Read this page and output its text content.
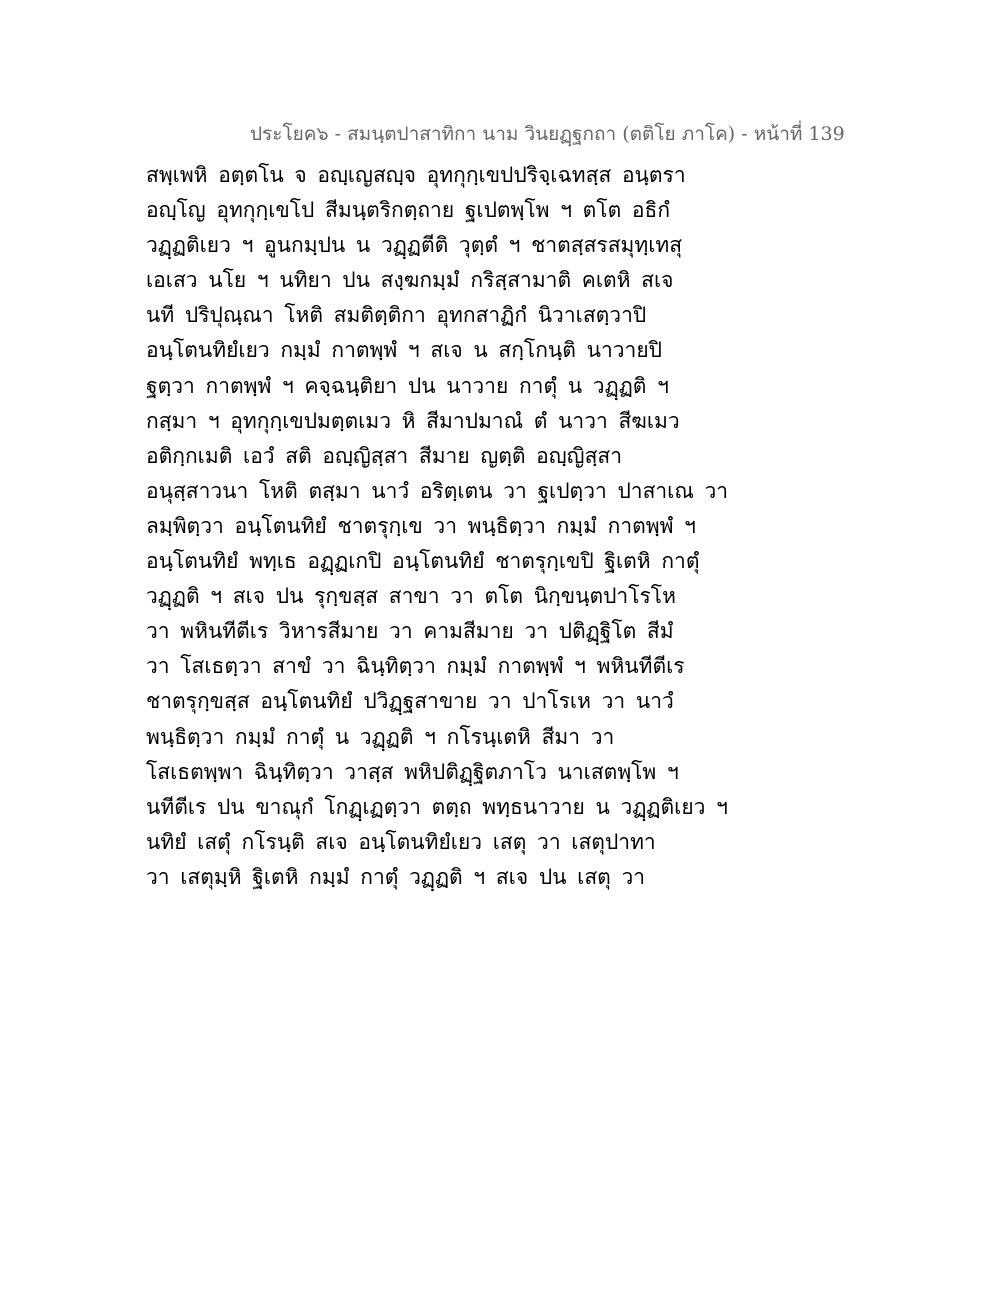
ประโยค๖ - สมนฺตปาสาทิกา นาม วินยฏฺฐกถา (ตติโย ภาโค) - หน้าที่ 139
สพฺเพหิ อตฺตโน จ อญฺเญสญฺจ อุทกุกฺเขปปริจฺเฉทสฺส อนฺตรา
อญฺโญ อุทกุกฺเขโป สีมนฺตริกตฺถาย ฐเปตพฺโพ ฯ ตโต อธิกํ
วฏฺฏติเยว ฯ อูนกมฺปน น วฏฺฏตีติ วุตฺตํ ฯ ชาตสฺสรสมุทฺเทสุ
เอเสว นโย ฯ นทิยา ปน สงฺฆกมฺมํ กริสฺสามาติ คเตหิ สเจ
นที ปริปุณฺณา โหติ สมติตฺติกา อุทกสาฏิกํ นิวาเสตฺวาปิ
อนฺโตนทิยํเยว กมฺมํ กาตพฺพํ ฯ สเจ น สกฺโกนฺติ นาวายปิ
ฐตฺวา กาตพฺพํ ฯ คจฺฉนฺติยา ปน นาวาย กาตุํ น วฏฺฏติ ฯ
กสฺมา ฯ อุทกุกฺเขปมตฺตเมว หิ สีมาปมาณํ ตํ นาวา สีฆเมว
อติกฺกเมติ เอวํ สติ อญฺญิสฺสา สีมาย ญตฺติ อญฺญิสฺสา
อนุสฺสาวนา โหติ ตสฺมา นาวํ อริตฺเตน วา ฐเปตฺวา ปาสาเณ วา
ลมฺพิตฺวา อนฺโตนทิยํ ชาตรุกฺเข วา พนฺธิตฺวา กมฺมํ กาตพฺพํ ฯ
อนฺโตนทิยํ พทฺเธ อฏฺฏเกปิ อนฺโตนทิยํ ชาตรุกฺเขปิ ฐิเตหิ กาตุํ
วฏฺฏติ ฯ สเจ ปน รุกฺขสฺส สาขา วา ตโต นิกฺขนฺตปาโรโห
วา พหินทีตีเร วิหารสีมาย วา คามสีมาย วา ปติฏฺฐิโต สีมํ
วา โสเธตฺวา สาขํ วา ฉินฺทิตฺวา กมฺมํ กาตพฺพํ ฯ พหินทีตีเร
ชาตรุกฺขสฺส อนฺโตนทิยํ ปวิฏฺฐสาขาย วา ปาโรเห วา นาวํ
พนฺธิตฺวา กมฺมํ กาตุํ น วฏฺฏติ ฯ กโรนฺเตหิ สีมา วา
โสเธตพฺพา ฉินฺทิตฺวา วาสฺส พหิปติฏฺฐิตภาโว นาเสตพฺโพ ฯ
นทีตีเร ปน ขาณุกํ โกฏฺเฏตฺวา ตตฺถ พทฺธนาวาย น วฏฺฏติเยว ฯ
นทิยํ เสตุํ กโรนฺติ สเจ อนฺโตนทิยํเยว เสตุ วา เสตุปาทา
วา เสตุมฺหิ ฐิเตหิ กมฺมํ กาตุํ วฏฺฏติ ฯ สเจ ปน เสตุ วา
